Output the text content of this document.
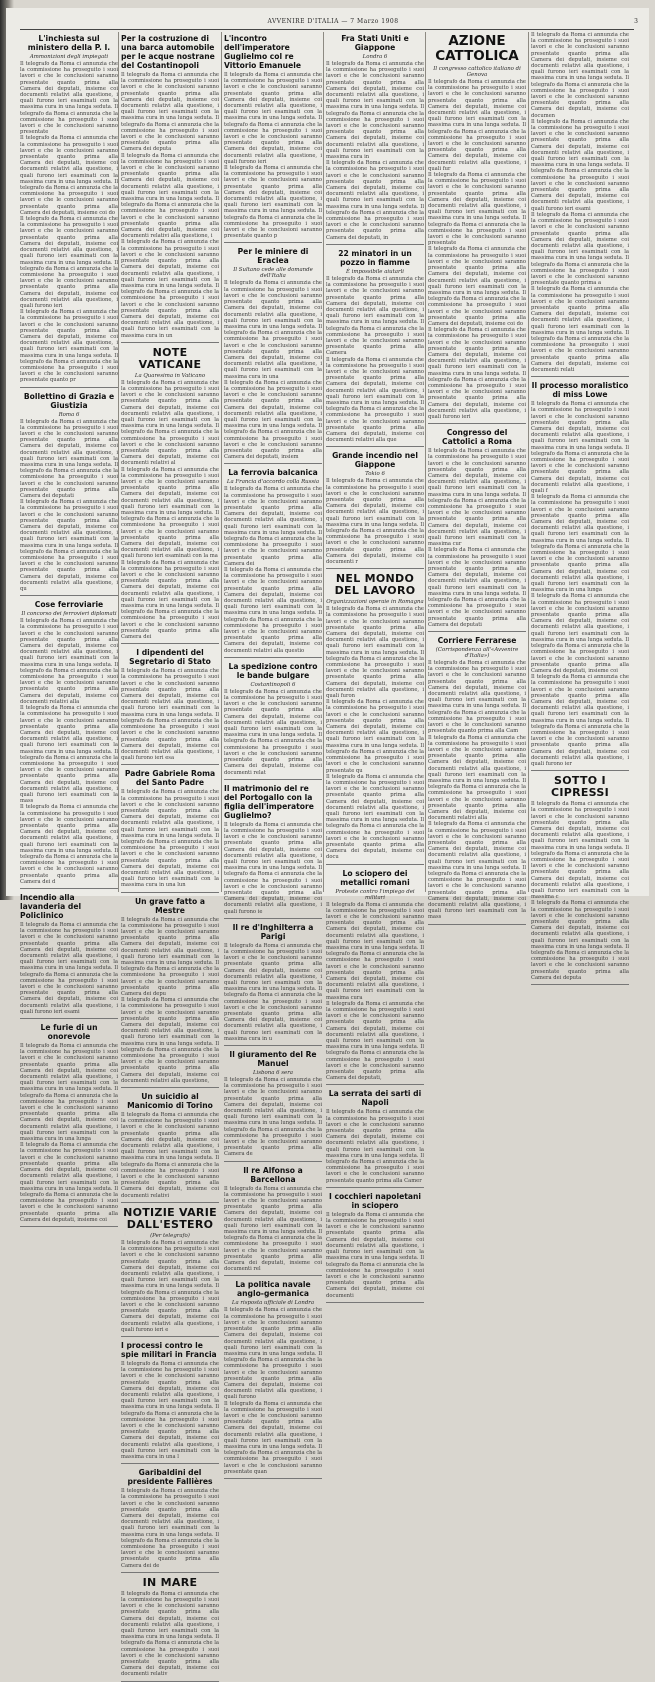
AVVENIRE D'ITALIA — 7 Marzo 1908	3
L'inchiesta sul ministero della P. I.
Ammonizioni degli impiegati

Il telegrafo da Roma ci annunzia che la commissione ha proseguito i suoi lavori e che le conclusioni saranno presentate quanto prima alla Camera dei deputati, insieme coi documenti relativi alla questione, i quali furono ieri esaminati con la massima cura in una lunga seduta. Il telegrafo da Roma ci annunzia che la commissione ha proseguito i suoi lavori e che le conclusioni saranno presentate

Il telegrafo da Roma ci annunzia che la commissione ha proseguito i suoi lavori e che le conclusioni saranno presentate quanto prima alla Camera dei deputati, insieme coi documenti relativi alla questione, i quali furono ieri esaminati con la massima cura in una lunga seduta. Il telegrafo da Roma ci annunzia che la commissione ha proseguito i suoi lavori e che le conclusioni saranno presentate quanto prima alla Camera dei deputati, insieme coi do

Il telegrafo da Roma ci annunzia che la commissione ha proseguito i suoi lavori e che le conclusioni saranno presentate quanto prima alla Camera dei deputati, insieme coi documenti relativi alla questione, i quali furono ieri esaminati con la massima cura in una lunga seduta. Il telegrafo da Roma ci annunzia che la commissione ha proseguito i suoi lavori e che le conclusioni saranno presentate quanto prima alla Camera dei deputati, insieme coi documenti relativi alla questione, i quali furono ieri

Il telegrafo da Roma ci annunzia che la commissione ha proseguito i suoi lavori e che le conclusioni saranno presentate quanto prima alla Camera dei deputati, insieme coi documenti relativi alla questione, i quali furono ieri esaminati con la massima cura in una lunga seduta. Il telegrafo da Roma ci annunzia che la commissione ha proseguito i suoi lavori e che le conclusioni saranno presentate quanto pr

Bollettino di Grazia e Giustizia
Roma 6

Il telegrafo da Roma ci annunzia che la commissione ha proseguito i suoi lavori e che le conclusioni saranno presentate quanto prima alla Camera dei deputati, insieme coi documenti relativi alla questione, i quali furono ieri esaminati con la massima cura in una lunga seduta. Il telegrafo da Roma ci annunzia che la commissione ha proseguito i suoi lavori e che le conclusioni saranno presentate quanto prima alla Camera dei deputati

Il telegrafo da Roma ci annunzia che la commissione ha proseguito i suoi lavori e che le conclusioni saranno presentate quanto prima alla Camera dei deputati, insieme coi documenti relativi alla questione, i quali furono ieri esaminati con la massima cura in una lunga seduta. Il telegrafo da Roma ci annunzia che la commissione ha proseguito i suoi lavori e che le conclusioni saranno presentate quanto prima alla Camera dei deputati, insieme coi documenti relativi alla questione, i qu

Cose ferroviarie
Il concorso dei ferrovieri diplomati

Il telegrafo da Roma ci annunzia che la commissione ha proseguito i suoi lavori e che le conclusioni saranno presentate quanto prima alla Camera dei deputati, insieme coi documenti relativi alla questione, i quali furono ieri esaminati con la massima cura in una lunga seduta. Il telegrafo da Roma ci annunzia che la commissione ha proseguito i suoi lavori e che le conclusioni saranno presentate quanto prima alla Camera dei deputati, insieme coi documenti relativi alla

Il telegrafo da Roma ci annunzia che la commissione ha proseguito i suoi lavori e che le conclusioni saranno presentate quanto prima alla Camera dei deputati, insieme coi documenti relativi alla questione, i quali furono ieri esaminati con la massima cura in una lunga seduta. Il telegrafo da Roma ci annunzia che la commissione ha proseguito i suoi lavori e che le conclusioni saranno presentate quanto prima alla Camera dei deputati, insieme coi documenti relativi alla questione, i quali furono ieri esaminati con la mass

Il telegrafo da Roma ci annunzia che la commissione ha proseguito i suoi lavori e che le conclusioni saranno presentate quanto prima alla Camera dei deputati, insieme coi documenti relativi alla questione, i quali furono ieri esaminati con la massima cura in una lunga seduta. Il telegrafo da Roma ci annunzia che la commissione ha proseguito i suoi lavori e che le conclusioni saranno presentate quanto prima alla Camera dei d

Incendio alla lavanderia del Policlinico

Il telegrafo da Roma ci annunzia che la commissione ha proseguito i suoi lavori e che le conclusioni saranno presentate quanto prima alla Camera dei deputati, insieme coi documenti relativi alla questione, i quali furono ieri esaminati con la massima cura in una lunga seduta. Il telegrafo da Roma ci annunzia che la commissione ha proseguito i suoi lavori e che le conclusioni saranno presentate quanto prima alla Camera dei deputati, insieme coi documenti relativi alla questione, i quali furono ieri esami

Le furie di un onorevole

Il telegrafo da Roma ci annunzia che la commissione ha proseguito i suoi lavori e che le conclusioni saranno presentate quanto prima alla Camera dei deputati, insieme coi documenti relativi alla questione, i quali furono ieri esaminati con la massima cura in una lunga seduta. Il telegrafo da Roma ci annunzia che la commissione ha proseguito i suoi lavori e che le conclusioni saranno presentate quanto prima alla Camera dei deputati, insieme coi documenti relativi alla questione, i quali furono ieri esaminati con la massima cura in una lunga

Il telegrafo da Roma ci annunzia che la commissione ha proseguito i suoi lavori e che le conclusioni saranno presentate quanto prima alla Camera dei deputati, insieme coi documenti relativi alla questione, i quali furono ieri esaminati con la massima cura in una lunga seduta. Il telegrafo da Roma ci annunzia che la commissione ha proseguito i suoi lavori e che le conclusioni saranno presentate quanto prima alla Camera dei deputati, insieme coi

Per la costruzione di una barca automobile per le acque nostrane del Costantinopoli

Il telegrafo da Roma ci annunzia che la commissione ha proseguito i suoi lavori e che le conclusioni saranno presentate quanto prima alla Camera dei deputati, insieme coi documenti relativi alla questione, i quali furono ieri esaminati con la massima cura in una lunga seduta. Il telegrafo da Roma ci annunzia che la commissione ha proseguito i suoi lavori e che le conclusioni saranno presentate quanto prima alla Camera dei deputa

Il telegrafo da Roma ci annunzia che la commissione ha proseguito i suoi lavori e che le conclusioni saranno presentate quanto prima alla Camera dei deputati, insieme coi documenti relativi alla questione, i quali furono ieri esaminati con la massima cura in una lunga seduta. Il telegrafo da Roma ci annunzia che la commissione ha proseguito i suoi lavori e che le conclusioni saranno presentate quanto prima alla Camera dei deputati, insieme coi documenti relativi alla questione, i

Il telegrafo da Roma ci annunzia che la commissione ha proseguito i suoi lavori e che le conclusioni saranno presentate quanto prima alla Camera dei deputati, insieme coi documenti relativi alla questione, i quali furono ieri esaminati con la massima cura in una lunga seduta. Il telegrafo da Roma ci annunzia che la commissione ha proseguito i suoi lavori e che le conclusioni saranno presentate quanto prima alla Camera dei deputati, insieme coi documenti relativi alla questione, i quali furono ieri esaminati con la massima cura in un

NOTE VATICANE
La Quaresima in Vaticano

Il telegrafo da Roma ci annunzia che la commissione ha proseguito i suoi lavori e che le conclusioni saranno presentate quanto prima alla Camera dei deputati, insieme coi documenti relativi alla questione, i quali furono ieri esaminati con la massima cura in una lunga seduta. Il telegrafo da Roma ci annunzia che la commissione ha proseguito i suoi lavori e che le conclusioni saranno presentate quanto prima alla Camera dei deputati, insieme coi documenti relativi al

Il telegrafo da Roma ci annunzia che la commissione ha proseguito i suoi lavori e che le conclusioni saranno presentate quanto prima alla Camera dei deputati, insieme coi documenti relativi alla questione, i quali furono ieri esaminati con la massima cura in una lunga seduta. Il telegrafo da Roma ci annunzia che la commissione ha proseguito i suoi lavori e che le conclusioni saranno presentate quanto prima alla Camera dei deputati, insieme coi documenti relativi alla questione, i quali furono ieri esaminati con la ma

Il telegrafo da Roma ci annunzia che la commissione ha proseguito i suoi lavori e che le conclusioni saranno presentate quanto prima alla Camera dei deputati, insieme coi documenti relativi alla questione, i quali furono ieri esaminati con la massima cura in una lunga seduta. Il telegrafo da Roma ci annunzia che la commissione ha proseguito i suoi lavori e che le conclusioni saranno presentate quanto prima alla Camera dei

I dipendenti del Segretario di Stato

Il telegrafo da Roma ci annunzia che la commissione ha proseguito i suoi lavori e che le conclusioni saranno presentate quanto prima alla Camera dei deputati, insieme coi documenti relativi alla questione, i quali furono ieri esaminati con la massima cura in una lunga seduta. Il telegrafo da Roma ci annunzia che la commissione ha proseguito i suoi lavori e che le conclusioni saranno presentate quanto prima alla Camera dei deputati, insieme coi documenti relativi alla questione, i quali furono ieri esa

Padre Gabriele Roma del Santo Padre

Il telegrafo da Roma ci annunzia che la commissione ha proseguito i suoi lavori e che le conclusioni saranno presentate quanto prima alla Camera dei deputati, insieme coi documenti relativi alla questione, i quali furono ieri esaminati con la massima cura in una lunga seduta. Il telegrafo da Roma ci annunzia che la commissione ha proseguito i suoi lavori e che le conclusioni saranno presentate quanto prima alla Camera dei deputati, insieme coi documenti relativi alla questione, i quali furono ieri esaminati con la massima cura in una lun

Un grave fatto a Mestre

Il telegrafo da Roma ci annunzia che la commissione ha proseguito i suoi lavori e che le conclusioni saranno presentate quanto prima alla Camera dei deputati, insieme coi documenti relativi alla questione, i quali furono ieri esaminati con la massima cura in una lunga seduta. Il telegrafo da Roma ci annunzia che la commissione ha proseguito i suoi lavori e che le conclusioni saranno presentate quanto prima alla Camera dei depu

Il telegrafo da Roma ci annunzia che la commissione ha proseguito i suoi lavori e che le conclusioni saranno presentate quanto prima alla Camera dei deputati, insieme coi documenti relativi alla questione, i quali furono ieri esaminati con la massima cura in una lunga seduta. Il telegrafo da Roma ci annunzia che la commissione ha proseguito i suoi lavori e che le conclusioni saranno presentate quanto prima alla Camera dei deputati, insieme coi documenti relativi alla questione,

Un suicidio al Manicomio di Torino

Il telegrafo da Roma ci annunzia che la commissione ha proseguito i suoi lavori e che le conclusioni saranno presentate quanto prima alla Camera dei deputati, insieme coi documenti relativi alla questione, i quali furono ieri esaminati con la massima cura in una lunga seduta. Il telegrafo da Roma ci annunzia che la commissione ha proseguito i suoi lavori e che le conclusioni saranno presentate quanto prima alla Camera dei deputati, insieme coi documenti relativi

NOTIZIE VARIE DALL'ESTERO
(Per telegrafo)

Il telegrafo da Roma ci annunzia che la commissione ha proseguito i suoi lavori e che le conclusioni saranno presentate quanto prima alla Camera dei deputati, insieme coi documenti relativi alla questione, i quali furono ieri esaminati con la massima cura in una lunga seduta. Il telegrafo da Roma ci annunzia che la commissione ha proseguito i suoi lavori e che le conclusioni saranno presentate quanto prima alla Camera dei deputati, insieme coi documenti relativi alla questione, i quali furono ieri e

I processi contro le spie militari in Francia

Il telegrafo da Roma ci annunzia che la commissione ha proseguito i suoi lavori e che le conclusioni saranno presentate quanto prima alla Camera dei deputati, insieme coi documenti relativi alla questione, i quali furono ieri esaminati con la massima cura in una lunga seduta. Il telegrafo da Roma ci annunzia che la commissione ha proseguito i suoi lavori e che le conclusioni saranno presentate quanto prima alla Camera dei deputati, insieme coi documenti relativi alla questione, i quali furono ieri esaminati con la massima cura in una l

Garibaldini del presidente Fallières

Il telegrafo da Roma ci annunzia che la commissione ha proseguito i suoi lavori e che le conclusioni saranno presentate quanto prima alla Camera dei deputati, insieme coi documenti relativi alla questione, i quali furono ieri esaminati con la massima cura in una lunga seduta. Il telegrafo da Roma ci annunzia che la commissione ha proseguito i suoi lavori e che le conclusioni saranno presentate quanto prima alla Camera dei de

IN MARE

Il telegrafo da Roma ci annunzia che la commissione ha proseguito i suoi lavori e che le conclusioni saranno presentate quanto prima alla Camera dei deputati, insieme coi documenti relativi alla questione, i quali furono ieri esaminati con la massima cura in una lunga seduta. Il telegrafo da Roma ci annunzia che la commissione ha proseguito i suoi lavori e che le conclusioni saranno presentate quanto prima alla Camera dei deputati, insieme coi documenti relativ

L'incontro dell'imperatore Guglielmo col re Vittorio Emanuele

Il telegrafo da Roma ci annunzia che la commissione ha proseguito i suoi lavori e che le conclusioni saranno presentate quanto prima alla Camera dei deputati, insieme coi documenti relativi alla questione, i quali furono ieri esaminati con la massima cura in una lunga seduta. Il telegrafo da Roma ci annunzia che la commissione ha proseguito i suoi lavori e che le conclusioni saranno presentate quanto prima alla Camera dei deputati, insieme coi documenti relativi alla questione, i quali furono ieri

Il telegrafo da Roma ci annunzia che la commissione ha proseguito i suoi lavori e che le conclusioni saranno presentate quanto prima alla Camera dei deputati, insieme coi documenti relativi alla questione, i quali furono ieri esaminati con la massima cura in una lunga seduta. Il telegrafo da Roma ci annunzia che la commissione ha proseguito i suoi lavori e che le conclusioni saranno presentate quanto p

Per le miniere di Eraclea
Il Sultano cede alle domande dell'Italia

Il telegrafo da Roma ci annunzia che la commissione ha proseguito i suoi lavori e che le conclusioni saranno presentate quanto prima alla Camera dei deputati, insieme coi documenti relativi alla questione, i quali furono ieri esaminati con la massima cura in una lunga seduta. Il telegrafo da Roma ci annunzia che la commissione ha proseguito i suoi lavori e che le conclusioni saranno presentate quanto prima alla Camera dei deputati, insieme coi documenti relativi alla questione, i quali furono ieri esaminati con la massima cura in una

Il telegrafo da Roma ci annunzia che la commissione ha proseguito i suoi lavori e che le conclusioni saranno presentate quanto prima alla Camera dei deputati, insieme coi documenti relativi alla questione, i quali furono ieri esaminati con la massima cura in una lunga seduta. Il telegrafo da Roma ci annunzia che la commissione ha proseguito i suoi lavori e che le conclusioni saranno presentate quanto prima alla Camera dei deputati, insiem

La ferrovia balcanica
La Francia d'accordo colla Russia

Il telegrafo da Roma ci annunzia che la commissione ha proseguito i suoi lavori e che le conclusioni saranno presentate quanto prima alla Camera dei deputati, insieme coi documenti relativi alla questione, i quali furono ieri esaminati con la massima cura in una lunga seduta. Il telegrafo da Roma ci annunzia che la commissione ha proseguito i suoi lavori e che le conclusioni saranno presentate quanto prima alla Camera dei

Il telegrafo da Roma ci annunzia che la commissione ha proseguito i suoi lavori e che le conclusioni saranno presentate quanto prima alla Camera dei deputati, insieme coi documenti relativi alla questione, i quali furono ieri esaminati con la massima cura in una lunga seduta. Il telegrafo da Roma ci annunzia che la commissione ha proseguito i suoi lavori e che le conclusioni saranno presentate quanto prima alla Camera dei deputati, insieme coi documenti relativi alla questio

La spedizione contro le bande bulgare
Costantinopoli 6

Il telegrafo da Roma ci annunzia che la commissione ha proseguito i suoi lavori e che le conclusioni saranno presentate quanto prima alla Camera dei deputati, insieme coi documenti relativi alla questione, i quali furono ieri esaminati con la massima cura in una lunga seduta. Il telegrafo da Roma ci annunzia che la commissione ha proseguito i suoi lavori e che le conclusioni saranno presentate quanto prima alla Camera dei deputati, insieme coi documenti relat

Il matrimonio del re del Portogallo con la figlia dell'imperatore Guglielmo?

Il telegrafo da Roma ci annunzia che la commissione ha proseguito i suoi lavori e che le conclusioni saranno presentate quanto prima alla Camera dei deputati, insieme coi documenti relativi alla questione, i quali furono ieri esaminati con la massima cura in una lunga seduta. Il telegrafo da Roma ci annunzia che la commissione ha proseguito i suoi lavori e che le conclusioni saranno presentate quanto prima alla Camera dei deputati, insieme coi documenti relativi alla questione, i quali furono ie

Il re d'Inghilterra a Parigi

Il telegrafo da Roma ci annunzia che la commissione ha proseguito i suoi lavori e che le conclusioni saranno presentate quanto prima alla Camera dei deputati, insieme coi documenti relativi alla questione, i quali furono ieri esaminati con la massima cura in una lunga seduta. Il telegrafo da Roma ci annunzia che la commissione ha proseguito i suoi lavori e che le conclusioni saranno presentate quanto prima alla Camera dei deputati, insieme coi documenti relativi alla questione, i quali furono ieri esaminati con la massima cura in u

Il giuramento del Re Manuel
Lisbona 6 sera

Il telegrafo da Roma ci annunzia che la commissione ha proseguito i suoi lavori e che le conclusioni saranno presentate quanto prima alla Camera dei deputati, insieme coi documenti relativi alla questione, i quali furono ieri esaminati con la massima cura in una lunga seduta. Il telegrafo da Roma ci annunzia che la commissione ha proseguito i suoi lavori e che le conclusioni saranno presentate quanto prima alla Camera de

Il re Alfonso a Barcellona

Il telegrafo da Roma ci annunzia che la commissione ha proseguito i suoi lavori e che le conclusioni saranno presentate quanto prima alla Camera dei deputati, insieme coi documenti relativi alla questione, i quali furono ieri esaminati con la massima cura in una lunga seduta. Il telegrafo da Roma ci annunzia che la commissione ha proseguito i suoi lavori e che le conclusioni saranno presentate quanto prima alla Camera dei deputati, insieme coi documenti rel

La politica navale anglo-germanica
La risposta ufficiale di Londra

Il telegrafo da Roma ci annunzia che la commissione ha proseguito i suoi lavori e che le conclusioni saranno presentate quanto prima alla Camera dei deputati, insieme coi documenti relativi alla questione, i quali furono ieri esaminati con la massima cura in una lunga seduta. Il telegrafo da Roma ci annunzia che la commissione ha proseguito i suoi lavori e che le conclusioni saranno presentate quanto prima alla Camera dei deputati, insieme coi documenti relativi alla questione, i quali furono

Il telegrafo da Roma ci annunzia che la commissione ha proseguito i suoi lavori e che le conclusioni saranno presentate quanto prima alla Camera dei deputati, insieme coi documenti relativi alla questione, i quali furono ieri esaminati con la massima cura in una lunga seduta. Il telegrafo da Roma ci annunzia che la commissione ha proseguito i suoi lavori e che le conclusioni saranno presentate quan

Fra Stati Uniti e Giappone
Londra 6

Il telegrafo da Roma ci annunzia che la commissione ha proseguito i suoi lavori e che le conclusioni saranno presentate quanto prima alla Camera dei deputati, insieme coi documenti relativi alla questione, i quali furono ieri esaminati con la massima cura in una lunga seduta. Il telegrafo da Roma ci annunzia che la commissione ha proseguito i suoi lavori e che le conclusioni saranno presentate quanto prima alla Camera dei deputati, insieme coi documenti relativi alla questione, i quali furono ieri esaminati con la massima cura in

Il telegrafo da Roma ci annunzia che la commissione ha proseguito i suoi lavori e che le conclusioni saranno presentate quanto prima alla Camera dei deputati, insieme coi documenti relativi alla questione, i quali furono ieri esaminati con la massima cura in una lunga seduta. Il telegrafo da Roma ci annunzia che la commissione ha proseguito i suoi lavori e che le conclusioni saranno presentate quanto prima alla Camera dei deputati, in

22 minatori in un pozzo in fiamme
È impossibile aiutarli

Il telegrafo da Roma ci annunzia che la commissione ha proseguito i suoi lavori e che le conclusioni saranno presentate quanto prima alla Camera dei deputati, insieme coi documenti relativi alla questione, i quali furono ieri esaminati con la massima cura in una lunga seduta. Il telegrafo da Roma ci annunzia che la commissione ha proseguito i suoi lavori e che le conclusioni saranno presentate quanto prima alla Camera

Il telegrafo da Roma ci annunzia che la commissione ha proseguito i suoi lavori e che le conclusioni saranno presentate quanto prima alla Camera dei deputati, insieme coi documenti relativi alla questione, i quali furono ieri esaminati con la massima cura in una lunga seduta. Il telegrafo da Roma ci annunzia che la commissione ha proseguito i suoi lavori e che le conclusioni saranno presentate quanto prima alla Camera dei deputati, insieme coi documenti relativi alla que

Grande incendio nel Giappone
Tokio 6

Il telegrafo da Roma ci annunzia che la commissione ha proseguito i suoi lavori e che le conclusioni saranno presentate quanto prima alla Camera dei deputati, insieme coi documenti relativi alla questione, i quali furono ieri esaminati con la massima cura in una lunga seduta. Il telegrafo da Roma ci annunzia che la commissione ha proseguito i suoi lavori e che le conclusioni saranno presentate quanto prima alla Camera dei deputati, insieme coi documenti r

NEL MONDO DEL LAVORO
Organizzazioni operaie in Romagna

Il telegrafo da Roma ci annunzia che la commissione ha proseguito i suoi lavori e che le conclusioni saranno presentate quanto prima alla Camera dei deputati, insieme coi documenti relativi alla questione, i quali furono ieri esaminati con la massima cura in una lunga seduta. Il telegrafo da Roma ci annunzia che la commissione ha proseguito i suoi lavori e che le conclusioni saranno presentate quanto prima alla Camera dei deputati, insieme coi documenti relativi alla questione, i quali furon

Il telegrafo da Roma ci annunzia che la commissione ha proseguito i suoi lavori e che le conclusioni saranno presentate quanto prima alla Camera dei deputati, insieme coi documenti relativi alla questione, i quali furono ieri esaminati con la massima cura in una lunga seduta. Il telegrafo da Roma ci annunzia che la commissione ha proseguito i suoi lavori e che le conclusioni saranno presentate qu

Il telegrafo da Roma ci annunzia che la commissione ha proseguito i suoi lavori e che le conclusioni saranno presentate quanto prima alla Camera dei deputati, insieme coi documenti relativi alla questione, i quali furono ieri esaminati con la massima cura in una lunga seduta. Il telegrafo da Roma ci annunzia che la commissione ha proseguito i suoi lavori e che le conclusioni saranno presentate quanto prima alla Camera dei deputati, insieme coi docu

Lo sciopero dei metallici romani
Proteste contro l'impiego dei militari

Il telegrafo da Roma ci annunzia che la commissione ha proseguito i suoi lavori e che le conclusioni saranno presentate quanto prima alla Camera dei deputati, insieme coi documenti relativi alla questione, i quali furono ieri esaminati con la massima cura in una lunga seduta. Il telegrafo da Roma ci annunzia che la commissione ha proseguito i suoi lavori e che le conclusioni saranno presentate quanto prima alla Camera dei deputati, insieme coi documenti relativi alla questione, i quali furono ieri esaminati con la massima cura

Il telegrafo da Roma ci annunzia che la commissione ha proseguito i suoi lavori e che le conclusioni saranno presentate quanto prima alla Camera dei deputati, insieme coi documenti relativi alla questione, i quali furono ieri esaminati con la massima cura in una lunga seduta. Il telegrafo da Roma ci annunzia che la commissione ha proseguito i suoi lavori e che le conclusioni saranno presentate quanto prima alla Camera dei deputati,

La serrata dei sarti di Napoli

Il telegrafo da Roma ci annunzia che la commissione ha proseguito i suoi lavori e che le conclusioni saranno presentate quanto prima alla Camera dei deputati, insieme coi documenti relativi alla questione, i quali furono ieri esaminati con la massima cura in una lunga seduta. Il telegrafo da Roma ci annunzia che la commissione ha proseguito i suoi lavori e che le conclusioni saranno presentate quanto prima alla Camer

I cocchieri napoletani in sciopero

Il telegrafo da Roma ci annunzia che la commissione ha proseguito i suoi lavori e che le conclusioni saranno presentate quanto prima alla Camera dei deputati, insieme coi documenti relativi alla questione, i quali furono ieri esaminati con la massima cura in una lunga seduta. Il telegrafo da Roma ci annunzia che la commissione ha proseguito i suoi lavori e che le conclusioni saranno presentate quanto prima alla Camera dei deputati, insieme coi documenti

AZIONE CATTOLICA
Il congresso cattolico italiano di Genova

Il telegrafo da Roma ci annunzia che la commissione ha proseguito i suoi lavori e che le conclusioni saranno presentate quanto prima alla Camera dei deputati, insieme coi documenti relativi alla questione, i quali furono ieri esaminati con la massima cura in una lunga seduta. Il telegrafo da Roma ci annunzia che la commissione ha proseguito i suoi lavori e che le conclusioni saranno presentate quanto prima alla Camera dei deputati, insieme coi documenti relativi alla questione, i quali fur

Il telegrafo da Roma ci annunzia che la commissione ha proseguito i suoi lavori e che le conclusioni saranno presentate quanto prima alla Camera dei deputati, insieme coi documenti relativi alla questione, i quali furono ieri esaminati con la massima cura in una lunga seduta. Il telegrafo da Roma ci annunzia che la commissione ha proseguito i suoi lavori e che le conclusioni saranno presentate

Il telegrafo da Roma ci annunzia che la commissione ha proseguito i suoi lavori e che le conclusioni saranno presentate quanto prima alla Camera dei deputati, insieme coi documenti relativi alla questione, i quali furono ieri esaminati con la massima cura in una lunga seduta. Il telegrafo da Roma ci annunzia che la commissione ha proseguito i suoi lavori e che le conclusioni saranno presentate quanto prima alla Camera dei deputati, insieme coi do

Il telegrafo da Roma ci annunzia che la commissione ha proseguito i suoi lavori e che le conclusioni saranno presentate quanto prima alla Camera dei deputati, insieme coi documenti relativi alla questione, i quali furono ieri esaminati con la massima cura in una lunga seduta. Il telegrafo da Roma ci annunzia che la commissione ha proseguito i suoi lavori e che le conclusioni saranno presentate quanto prima alla Camera dei deputati, insieme coi documenti relativi alla questione, i quali furono ieri

Congresso del Cattolici a Roma

Il telegrafo da Roma ci annunzia che la commissione ha proseguito i suoi lavori e che le conclusioni saranno presentate quanto prima alla Camera dei deputati, insieme coi documenti relativi alla questione, i quali furono ieri esaminati con la massima cura in una lunga seduta. Il telegrafo da Roma ci annunzia che la commissione ha proseguito i suoi lavori e che le conclusioni saranno presentate quanto prima alla Camera dei deputati, insieme coi documenti relativi alla questione, i quali furono ieri esaminati con la massima cur

Il telegrafo da Roma ci annunzia che la commissione ha proseguito i suoi lavori e che le conclusioni saranno presentate quanto prima alla Camera dei deputati, insieme coi documenti relativi alla questione, i quali furono ieri esaminati con la massima cura in una lunga seduta. Il telegrafo da Roma ci annunzia che la commissione ha proseguito i suoi lavori e che le conclusioni saranno presentate quanto prima alla Camera dei deputati

Corriere Ferrarese
(Corrispondenza all'«Avvenire d'Italia»)

Il telegrafo da Roma ci annunzia che la commissione ha proseguito i suoi lavori e che le conclusioni saranno presentate quanto prima alla Camera dei deputati, insieme coi documenti relativi alla questione, i quali furono ieri esaminati con la massima cura in una lunga seduta. Il telegrafo da Roma ci annunzia che la commissione ha proseguito i suoi lavori e che le conclusioni saranno presentate quanto prima alla Cam

Il telegrafo da Roma ci annunzia che la commissione ha proseguito i suoi lavori e che le conclusioni saranno presentate quanto prima alla Camera dei deputati, insieme coi documenti relativi alla questione, i quali furono ieri esaminati con la massima cura in una lunga seduta. Il telegrafo da Roma ci annunzia che la commissione ha proseguito i suoi lavori e che le conclusioni saranno presentate quanto prima alla Camera dei deputati, insieme coi documenti relativi alla

Il telegrafo da Roma ci annunzia che la commissione ha proseguito i suoi lavori e che le conclusioni saranno presentate quanto prima alla Camera dei deputati, insieme coi documenti relativi alla questione, i quali furono ieri esaminati con la massima cura in una lunga seduta. Il telegrafo da Roma ci annunzia che la commissione ha proseguito i suoi lavori e che le conclusioni saranno presentate quanto prima alla Camera dei deputati, insieme coi documenti relativi alla questione, i quali furono ieri esaminati con la mass

Il telegrafo da Roma ci annunzia che la commissione ha proseguito i suoi lavori e che le conclusioni saranno presentate quanto prima alla Camera dei deputati, insieme coi documenti relativi alla questione, i quali furono ieri esaminati con la massima cura in una lunga seduta. Il telegrafo da Roma ci annunzia che la commissione ha proseguito i suoi lavori e che le conclusioni saranno presentate quanto prima alla Camera dei deputati, insieme coi documen

Il telegrafo da Roma ci annunzia che la commissione ha proseguito i suoi lavori e che le conclusioni saranno presentate quanto prima alla Camera dei deputati, insieme coi documenti relativi alla questione, i quali furono ieri esaminati con la massima cura in una lunga seduta. Il telegrafo da Roma ci annunzia che la commissione ha proseguito i suoi lavori e che le conclusioni saranno presentate quanto prima alla Camera dei deputati, insieme coi documenti relativi alla questione, i quali furono ieri esami

Il telegrafo da Roma ci annunzia che la commissione ha proseguito i suoi lavori e che le conclusioni saranno presentate quanto prima alla Camera dei deputati, insieme coi documenti relativi alla questione, i quali furono ieri esaminati con la massima cura in una lunga seduta. Il telegrafo da Roma ci annunzia che la commissione ha proseguito i suoi lavori e che le conclusioni saranno presentate quanto prima a

Il telegrafo da Roma ci annunzia che la commissione ha proseguito i suoi lavori e che le conclusioni saranno presentate quanto prima alla Camera dei deputati, insieme coi documenti relativi alla questione, i quali furono ieri esaminati con la massima cura in una lunga seduta. Il telegrafo da Roma ci annunzia che la commissione ha proseguito i suoi lavori e che le conclusioni saranno presentate quanto prima alla Camera dei deputati, insieme coi documenti relati

Il processo moralistico di miss Lowe

Il telegrafo da Roma ci annunzia che la commissione ha proseguito i suoi lavori e che le conclusioni saranno presentate quanto prima alla Camera dei deputati, insieme coi documenti relativi alla questione, i quali furono ieri esaminati con la massima cura in una lunga seduta. Il telegrafo da Roma ci annunzia che la commissione ha proseguito i suoi lavori e che le conclusioni saranno presentate quanto prima alla Camera dei deputati, insieme coi documenti relativi alla questione, i quali f

Il telegrafo da Roma ci annunzia che la commissione ha proseguito i suoi lavori e che le conclusioni saranno presentate quanto prima alla Camera dei deputati, insieme coi documenti relativi alla questione, i quali furono ieri esaminati con la massima cura in una lunga seduta. Il telegrafo da Roma ci annunzia che la commissione ha proseguito i suoi lavori e che le conclusioni saranno presentate quanto prima alla Camera dei deputati, insieme coi documenti relativi alla questione, i quali furono ieri esaminati con la massima cura in una lunga

Il telegrafo da Roma ci annunzia che la commissione ha proseguito i suoi lavori e che le conclusioni saranno presentate quanto prima alla Camera dei deputati, insieme coi documenti relativi alla questione, i quali furono ieri esaminati con la massima cura in una lunga seduta. Il telegrafo da Roma ci annunzia che la commissione ha proseguito i suoi lavori e che le conclusioni saranno presentate quanto prima alla Camera dei deputati, insieme coi

Il telegrafo da Roma ci annunzia che la commissione ha proseguito i suoi lavori e che le conclusioni saranno presentate quanto prima alla Camera dei deputati, insieme coi documenti relativi alla questione, i quali furono ieri esaminati con la massima cura in una lunga seduta. Il telegrafo da Roma ci annunzia che la commissione ha proseguito i suoi lavori e che le conclusioni saranno presentate quanto prima alla Camera dei deputati, insieme coi documenti relativi alla questione, i quali furono ier

SOTTO I CIPRESSI

Il telegrafo da Roma ci annunzia che la commissione ha proseguito i suoi lavori e che le conclusioni saranno presentate quanto prima alla Camera dei deputati, insieme coi documenti relativi alla questione, i quali furono ieri esaminati con la massima cura in una lunga seduta. Il telegrafo da Roma ci annunzia che la commissione ha proseguito i suoi lavori e che le conclusioni saranno presentate quanto prima alla Camera dei deputati, insieme coi documenti relativi alla questione, i quali furono ieri esaminati con la massima c

Il telegrafo da Roma ci annunzia che la commissione ha proseguito i suoi lavori e che le conclusioni saranno presentate quanto prima alla Camera dei deputati, insieme coi documenti relativi alla questione, i quali furono ieri esaminati con la massima cura in una lunga seduta. Il telegrafo da Roma ci annunzia che la commissione ha proseguito i suoi lavori e che le conclusioni saranno presentate quanto prima alla Camera dei deputa
